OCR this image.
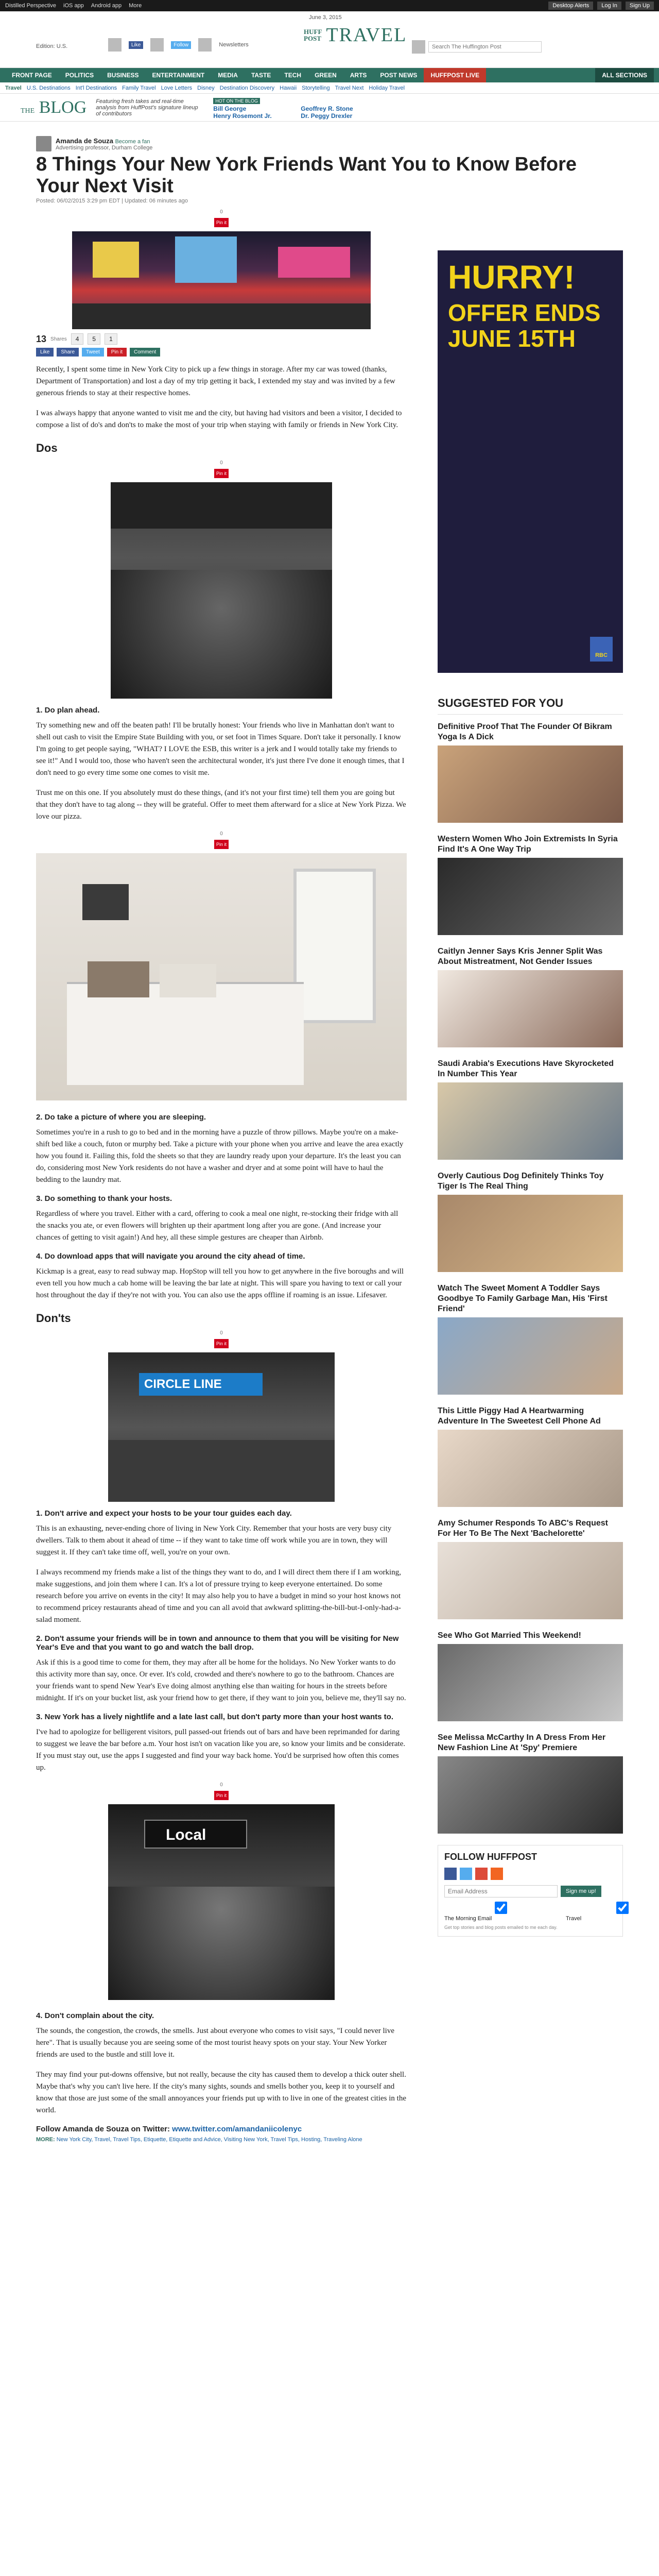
Distilled Perspective iOS app Android app More	Desktop Alerts	Log In	Sign Up
June 3, 2015
HUFF
POST TRAVEL
Edition: U.S.	Like	Follow	Newsletters
Search The Huffington Post
FRONT PAGE	POLITICS	BUSINESS	ENTERTAINMENT	MEDIA	TASTE	TECH	GREEN	ARTS	POST NEWS	HUFFPOST LIVE	ALL SECTIONS
Travel U.S. Destinations Int'l Destinations Family Travel Love Letters Disney Destination Discovery Hawaii Storytelling Travel Next Holiday Travel
THE BLOG Featuring fresh takes and real-time analysis from HuffPost's signature lineup of contributors
HOT ON THE BLOG
Bill George	Geoffrey R. Stone
Henry Rosemont Jr.	Dr. Peggy Drexler
Amanda de Souza Become a fan
Advertising professor, Durham College
8 Things Your New York Friends Want You to Know Before Your Next Visit
Posted: 06/02/2015 3:29 pm EDT | Updated: 06 minutes ago
0
Pin it
13 Shares	4	5	1
Like	Share	Tweet	Pin it	Comment

Recently, I spent some time in New York City to pick up a few things in storage. After my car was towed (thanks, Department of Transportation) and lost a day of my trip getting it back, I extended my stay and was invited by a few generous friends to stay at their respective homes.

I was always happy that anyone wanted to visit me and the city, but having had visitors and been a visitor, I decided to compose a list of do's and don'ts to make the most of your trip when staying with family or friends in New York City.

Dos
0
Pin it
1. Do plan ahead.

Try something new and off the beaten path! I'll be brutally honest: Your friends who live in Manhattan don't want to shell out cash to visit the Empire State Building with you, or set foot in Times Square. Don't take it personally. I know I'm going to get people saying, "WHAT? I LOVE the ESB, this writer is a jerk and I would totally take my friends to see it!" And I would too, those who haven't seen the architectural wonder, it's just there I've done it enough times, that I don't need to go every time some one comes to visit me.

Trust me on this one. If you absolutely must do these things, (and it's not your first time) tell them you are going but that they don't have to tag along -- they will be grateful. Offer to meet them afterward for a slice at New York Pizza. We love our pizza.

0
Pin it
2. Do take a picture of where you are sleeping.

Sometimes you're in a rush to go to bed and in the morning have a puzzle of throw pillows. Maybe you're on a make-shift bed like a couch, futon or murphy bed. Take a picture with your phone when you arrive and leave the area exactly how you found it. Failing this, fold the sheets so that they are laundry ready upon your departure. It's the least you can do, considering most New York residents do not have a washer and dryer and at some point will have to haul the bedding to the laundry mat.

3. Do something to thank your hosts.

Regardless of where you travel. Either with a card, offering to cook a meal one night, re-stocking their fridge with all the snacks you ate, or even flowers will brighten up their apartment long after you are gone. (And increase your chances of getting to visit again!) And hey, all these simple gestures are cheaper than Airbnb.

4. Do download apps that will navigate you around the city ahead of time.

Kickmap is a great, easy to read subway map. HopStop will tell you how to get anywhere in the five boroughs and will even tell you how much a cab home will be leaving the bar late at night. This will spare you having to text or call your host throughout the day if they're not with you. You can also use the apps offline if roaming is an issue. Lifesaver.

Don'ts
0
Pin it
CIRCLE LINE
1. Don't arrive and expect your hosts to be your tour guides each day.

This is an exhausting, never-ending chore of living in New York City. Remember that your hosts are very busy city dwellers. Talk to them about it ahead of time -- if they want to take time off work while you are in town, they will suggest it. If they can't take time off, well, you're on your own.

I always recommend my friends make a list of the things they want to do, and I will direct them there if I am working, make suggestions, and join them where I can. It's a lot of pressure trying to keep everyone entertained. Do some research before you arrive on events in the city! It may also help you to have a budget in mind so your host knows not to recommend pricey restaurants ahead of time and you can all avoid that awkward splitting-the-bill-but-I-only-had-a-salad moment.

2. Don't assume your friends will be in town and announce to them that you will be visiting for New Year's Eve and that you want to go and watch the ball drop.

Ask if this is a good time to come for them, they may after all be home for the holidays. No New Yorker wants to do this activity more than say, once. Or ever. It's cold, crowded and there's nowhere to go to the bathroom. Chances are your friends want to spend New Year's Eve doing almost anything else than waiting for hours in the streets before midnight. If it's on your bucket list, ask your friend how to get there, if they want to join you, believe me, they'll say no.

3. New York has a lively nightlife and a late last call, but don't party more than your host wants to.

I've had to apologize for belligerent visitors, pull passed-out friends out of bars and have been reprimanded for daring to suggest we leave the bar before a.m. Your host isn't on vacation like you are, so know your limits and be considerate. If you must stay out, use the apps I suggested and find your way back home. You'd be surprised how often this comes up.

0
Pin it
Local
4. Don't complain about the city.

The sounds, the congestion, the crowds, the smells. Just about everyone who comes to visit says, "I could never live here". That is usually because you are seeing some of the most tourist heavy spots on your stay. Your New Yorker friends are used to the bustle and still love it.

They may find your put-downs offensive, but not really, because the city has caused them to develop a thick outer shell. Maybe that's why you can't live here. If the city's many sights, sounds and smells bother you, keep it to yourself and know that those are just some of the small annoyances your friends put up with to live in one of the greatest cities in the world.

Follow Amanda de Souza on Twitter: www.twitter.com/amandaniicolenyc
MORE: New York City, Travel, Travel Tips, Etiquette, Etiquette and Advice, Visiting New York, Travel Tips, Hosting, Traveling Alone
HURRY!
OFFER ENDS JUNE 15TH
RBC
SUGGESTED FOR YOU
Definitive Proof That The Founder Of Bikram Yoga Is A Dick
Western Women Who Join Extremists In Syria Find It's A One Way Trip
Caitlyn Jenner Says Kris Jenner Split Was About Mistreatment, Not Gender Issues
Saudi Arabia's Executions Have Skyrocketed In Number This Year
Overly Cautious Dog Definitely Thinks Toy Tiger Is The Real Thing
Watch The Sweet Moment A Toddler Says Goodbye To Family Garbage Man, His 'First Friend'
This Little Piggy Had A Heartwarming Adventure In The Sweetest Cell Phone Ad
Amy Schumer Responds To ABC's Request For Her To Be The Next 'Bachelorette'
See Who Got Married This Weekend!
See Melissa McCarthy In A Dress From Her New Fashion Line At 'Spy' Premiere
FOLLOW HUFFPOST
Email Address
Sign me up!
The Morning Email	Travel
Get top stories and blog posts emailed to me each day.
